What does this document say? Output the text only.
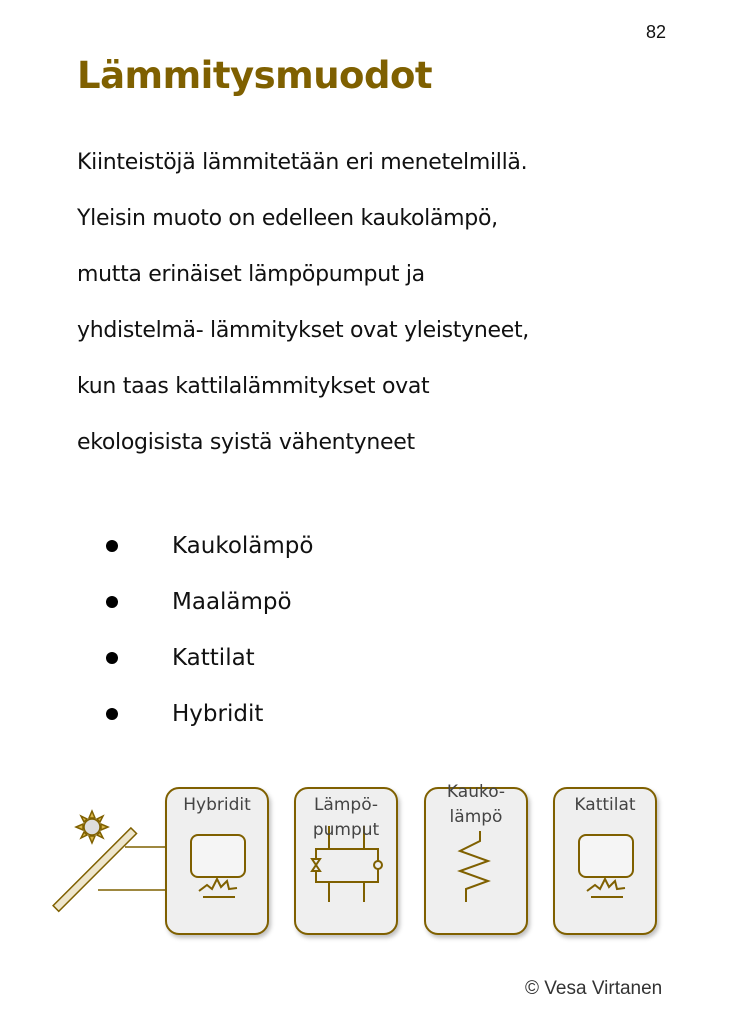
82
Lämmitysmuodot
Kiinteistöjä lämmitetään eri menetelmillä.
Yleisin muoto on edelleen kaukolämpö,
mutta erinäiset lämpöpumput ja
yhdistelmä- lämmitykset ovat yleistyneet,
kun taas kattilalämmitykset ovat
ekologisista syistä vähentyneet
Kaukolämpö
Maalämpö
Kattilat
Hybridit
Hybridit	Lämpö-
pumput
Kauko-
lämpö
Kattilat
© Vesa Virtanen
